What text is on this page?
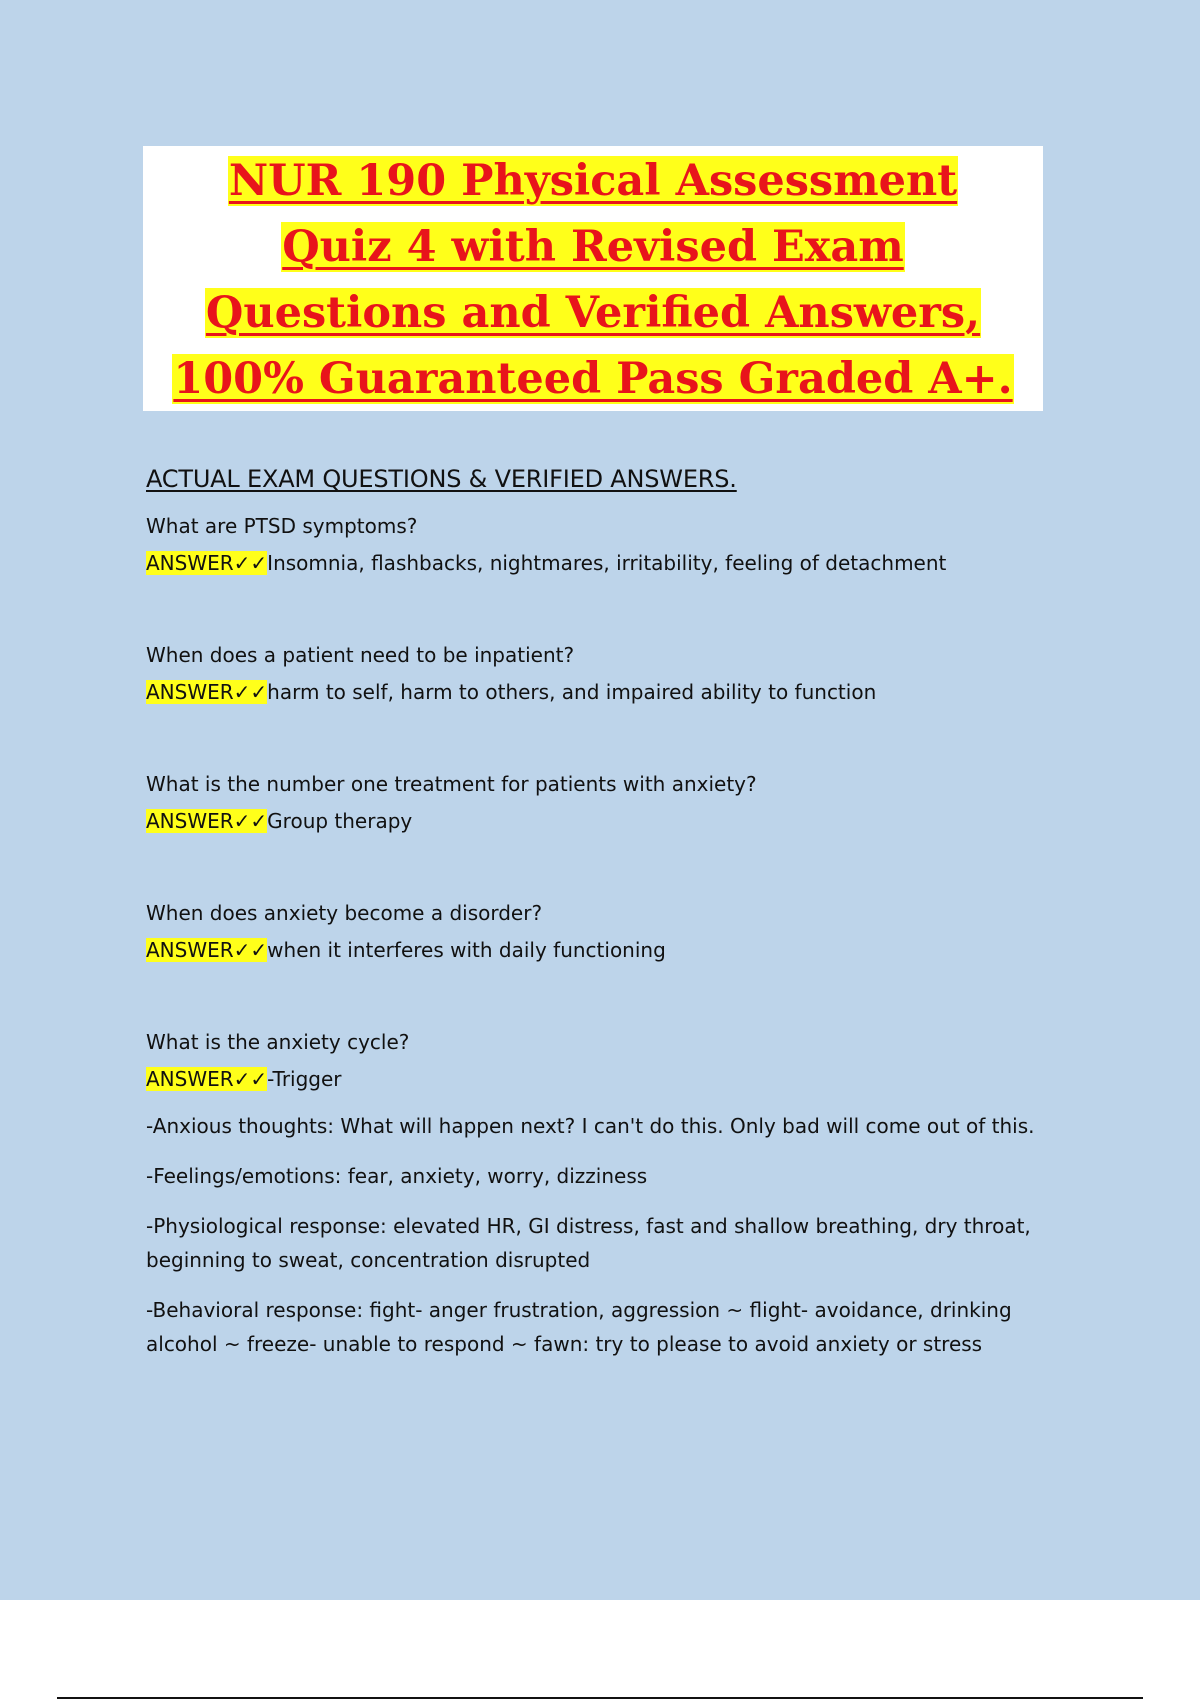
NUR 190 Physical Assessment
Quiz 4 with Revised Exam
Questions and Verified Answers,
100% Guaranteed Pass Graded A+.
ACTUAL EXAM QUESTIONS & VERIFIED ANSWERS.
What are PTSD symptoms?
ANSWER✓✓Insomnia, flashbacks, nightmares, irritability, feeling of detachment
When does a patient need to be inpatient?
ANSWER✓✓harm to self, harm to others, and impaired ability to function
What is the number one treatment for patients with anxiety?
ANSWER✓✓Group therapy
When does anxiety become a disorder?
ANSWER✓✓when it interferes with daily functioning
What is the anxiety cycle?
ANSWER✓✓-Trigger
-Anxious thoughts: What will happen next? I can't do this. Only bad will come out of this.
-Feelings/emotions: fear, anxiety, worry, dizziness
-Physiological response: elevated HR, GI distress, fast and shallow breathing, dry throat, beginning to sweat, concentration disrupted
-Behavioral response: fight- anger frustration, aggression ~ flight- avoidance, drinking alcohol ~ freeze- unable to respond ~ fawn: try to please to avoid anxiety or stress
